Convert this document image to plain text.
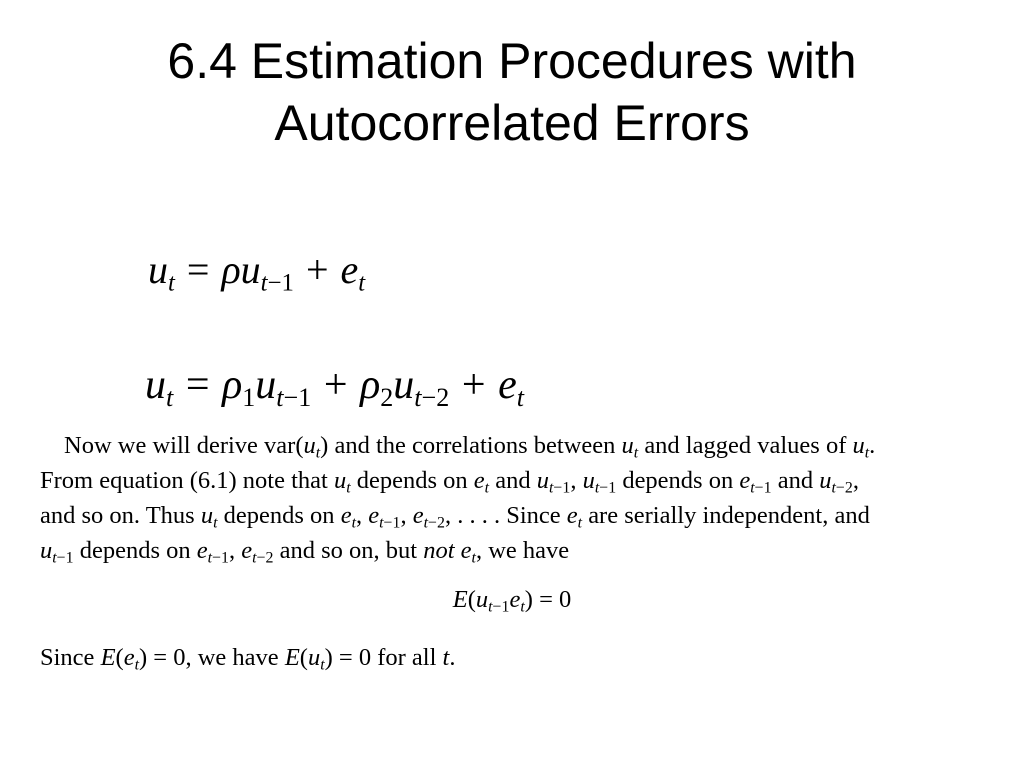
6.4 Estimation Procedures with
Autocorrelated Errors
$u_t = \rho u_{t-1} + e_t$
$u_t = \rho_1u_{t-1} + \rho_2u_{t-2} + e_t$
Now we will derive $var(u_t)$ and the correlations between $u_t$ and lagged values of $u_t$.
From equation (6.1) note that $u_t$ depends on $e_t$ and $u_{t-1}$, $u_{t-1}$ depends on $e_{t-1}$ and $u_{t-2}$,
and so on. Thus $u_t$ depends on $e_t$, $e_{t-1}$, $e_{t-2}$, . . . . Since $e_t$ are serially independent, and
$u_{t-1}$ depends on $e_{t-1}$, $e_{t-2}$ and so on, but not $e_t$, we have
$E(u_{t-1}e_t) = 0$
Since $E(e_t) = 0$, we have $E(u_t) = 0$ for all t.
